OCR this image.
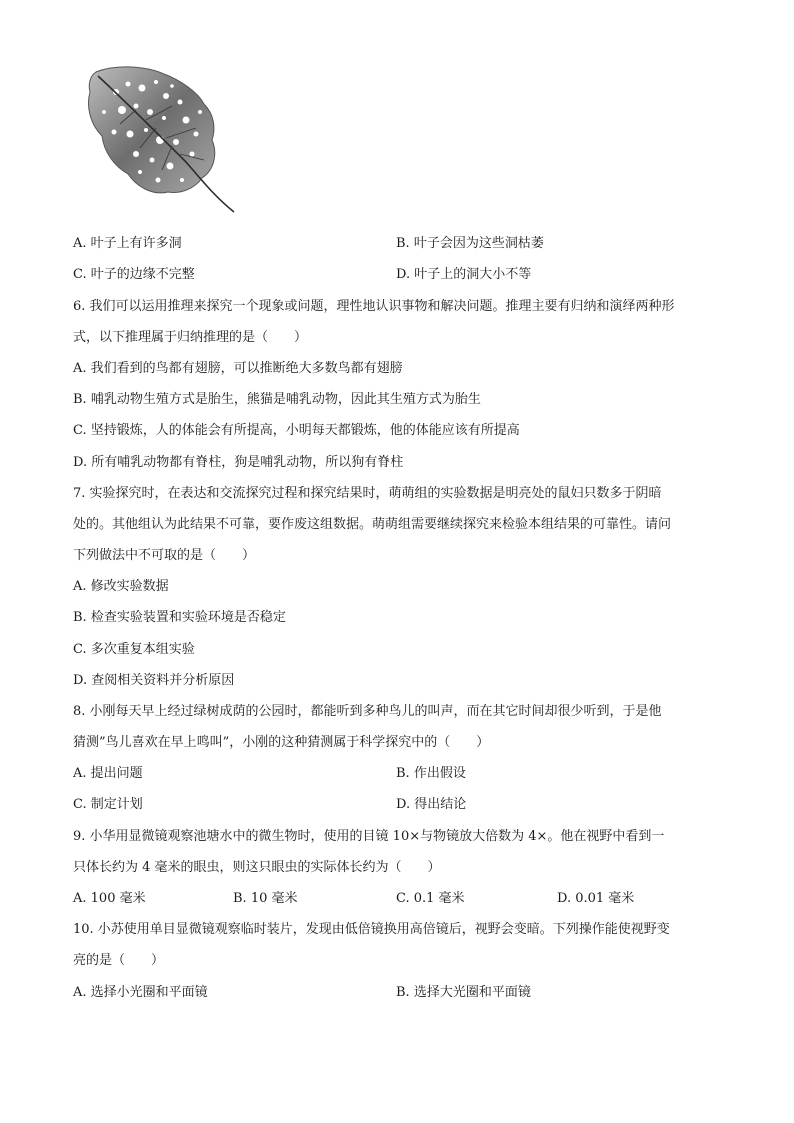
A. 叶子上有许多洞	B. 叶子会因为这些洞枯萎
C. 叶子的边缘不完整	D. 叶子上的洞大小不等
6. 我们可以运用推理来探究一个现象或问题，理性地认识事物和解决问题。推理主要有归纳和演绎两种形
式，以下推理属于归纳推理的是（　　）
A. 我们看到的鸟都有翅膀，可以推断绝大多数鸟都有翅膀
B. 哺乳动物生殖方式是胎生，熊猫是哺乳动物，因此其生殖方式为胎生
C. 坚持锻炼，人的体能会有所提高，小明每天都锻炼，他的体能应该有所提高
D. 所有哺乳动物都有脊柱，狗是哺乳动物，所以狗有脊柱
7. 实验探究时，在表达和交流探究过程和探究结果时，萌萌组的实验数据是明亮处的鼠妇只数多于阴暗
处的。其他组认为此结果不可靠，要作废这组数据。萌萌组需要继续探究来检验本组结果的可靠性。请问
下列做法中不可取的是（　　）
A. 修改实验数据
B. 检查实验装置和实验环境是否稳定
C. 多次重复本组实验
D. 查阅相关资料并分析原因
8. 小刚每天早上经过绿树成荫的公园时，都能听到多种鸟儿的叫声，而在其它时间却很少听到，于是他
猜测”鸟儿喜欢在早上鸣叫”，小刚的这种猜测属于科学探究中的（　　）
A. 提出问题	B. 作出假设
C. 制定计划	D. 得出结论
9. 小华用显微镜观察池塘水中的微生物时，使用的目镜 10×与物镜放大倍数为 4×。他在视野中看到一
只体长约为 4 毫米的眼虫，则这只眼虫的实际体长约为（　　）
A. 100 毫米	B. 10 毫米	C. 0.1 毫米	D. 0.01 毫米
10. 小苏使用单目显微镜观察临时装片，发现由低倍镜换用高倍镜后，视野会变暗。下列操作能使视野变
亮的是（　　）
A. 选择小光圈和平面镜	B. 选择大光圈和平面镜
